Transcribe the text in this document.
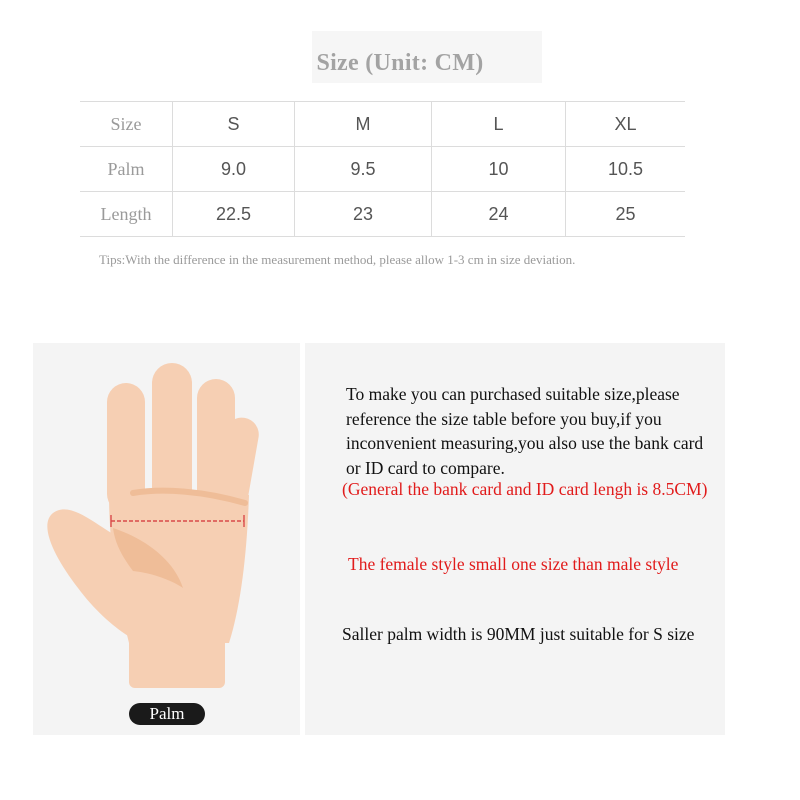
Size (Unit: CM)
Size	S	M	L	XL
Palm	9.0	9.5	10	10.5
Length	22.5	23	24	25
Tips:With the difference in the measurement method, please allow 1-3 cm in size deviation.
Palm
To make you can purchased suitable size,please
reference the size table before you buy,if you
inconvenient measuring,you also use the bank card
or ID card to compare.
(General the bank card and ID card lengh is 8.5CM)
The female style small one size than male style
Saller palm width is 90MM just suitable for S size
